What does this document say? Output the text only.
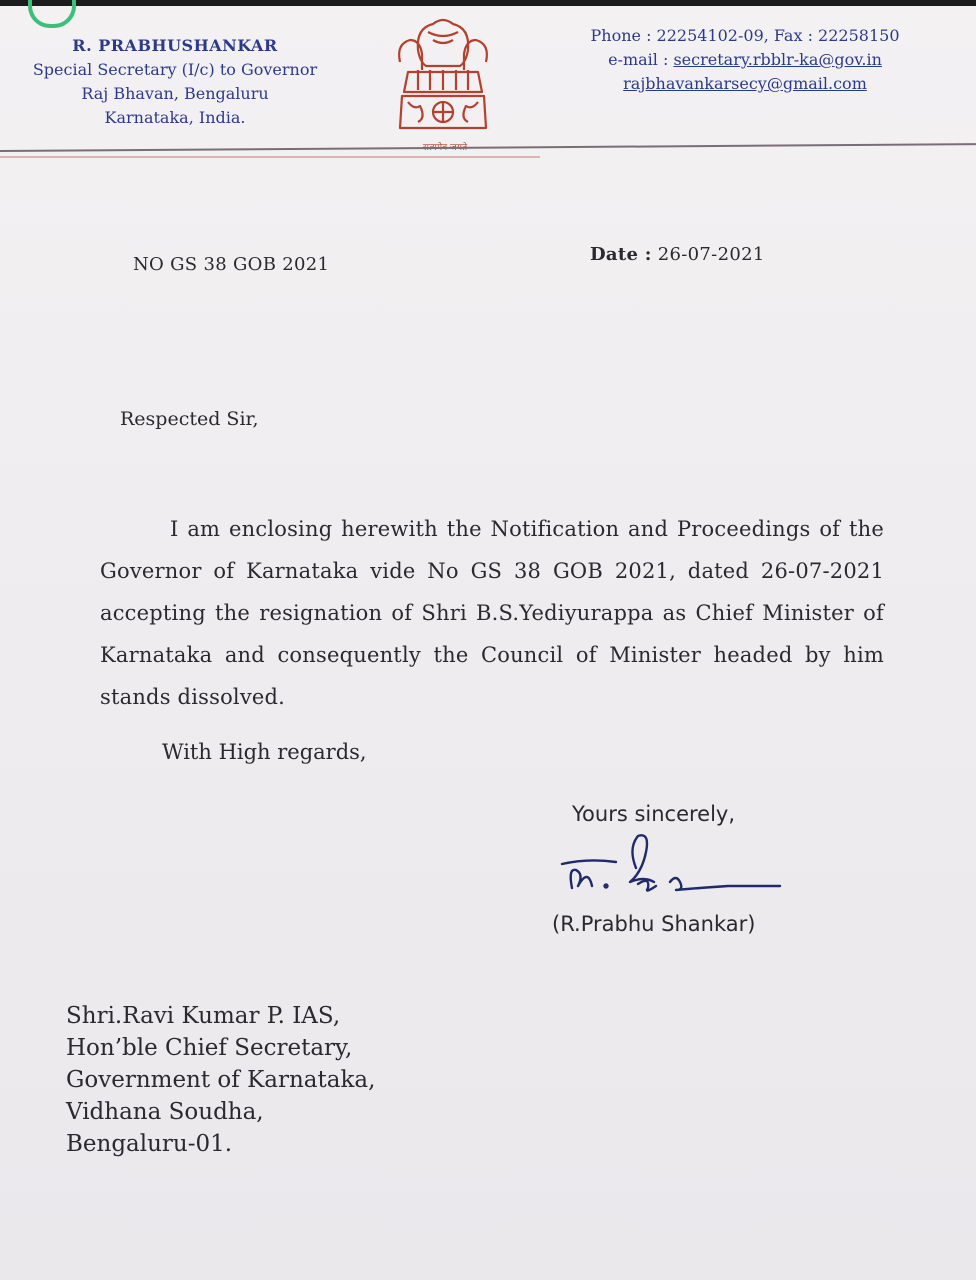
R. PRABHUSHANKAR
Special Secretary (I/c) to Governor
Raj Bhavan, Bengaluru
Karnataka, India.
Phone : 22254102-09, Fax : 22258150
e-mail : secretary.rbblr-ka@gov.in
rajbhavankarsecy@gmail.com
NO GS 38 GOB 2021	Date : 26-07-2021
Respected Sir,
I am enclosing herewith the Notification and Proceedings of the Governor of Karnataka vide No GS 38 GOB 2021, dated 26-07-2021 accepting the resignation of Shri B.S.Yediyurappa as Chief Minister of Karnataka and consequently the Council of Minister headed by him stands dissolved.
With High regards,
Yours sincerely,
(R.Prabhu Shankar)
Shri.Ravi Kumar P. IAS,
Hon’ble Chief Secretary,
Government of Karnataka,
Vidhana Soudha,
Bengaluru-01.
